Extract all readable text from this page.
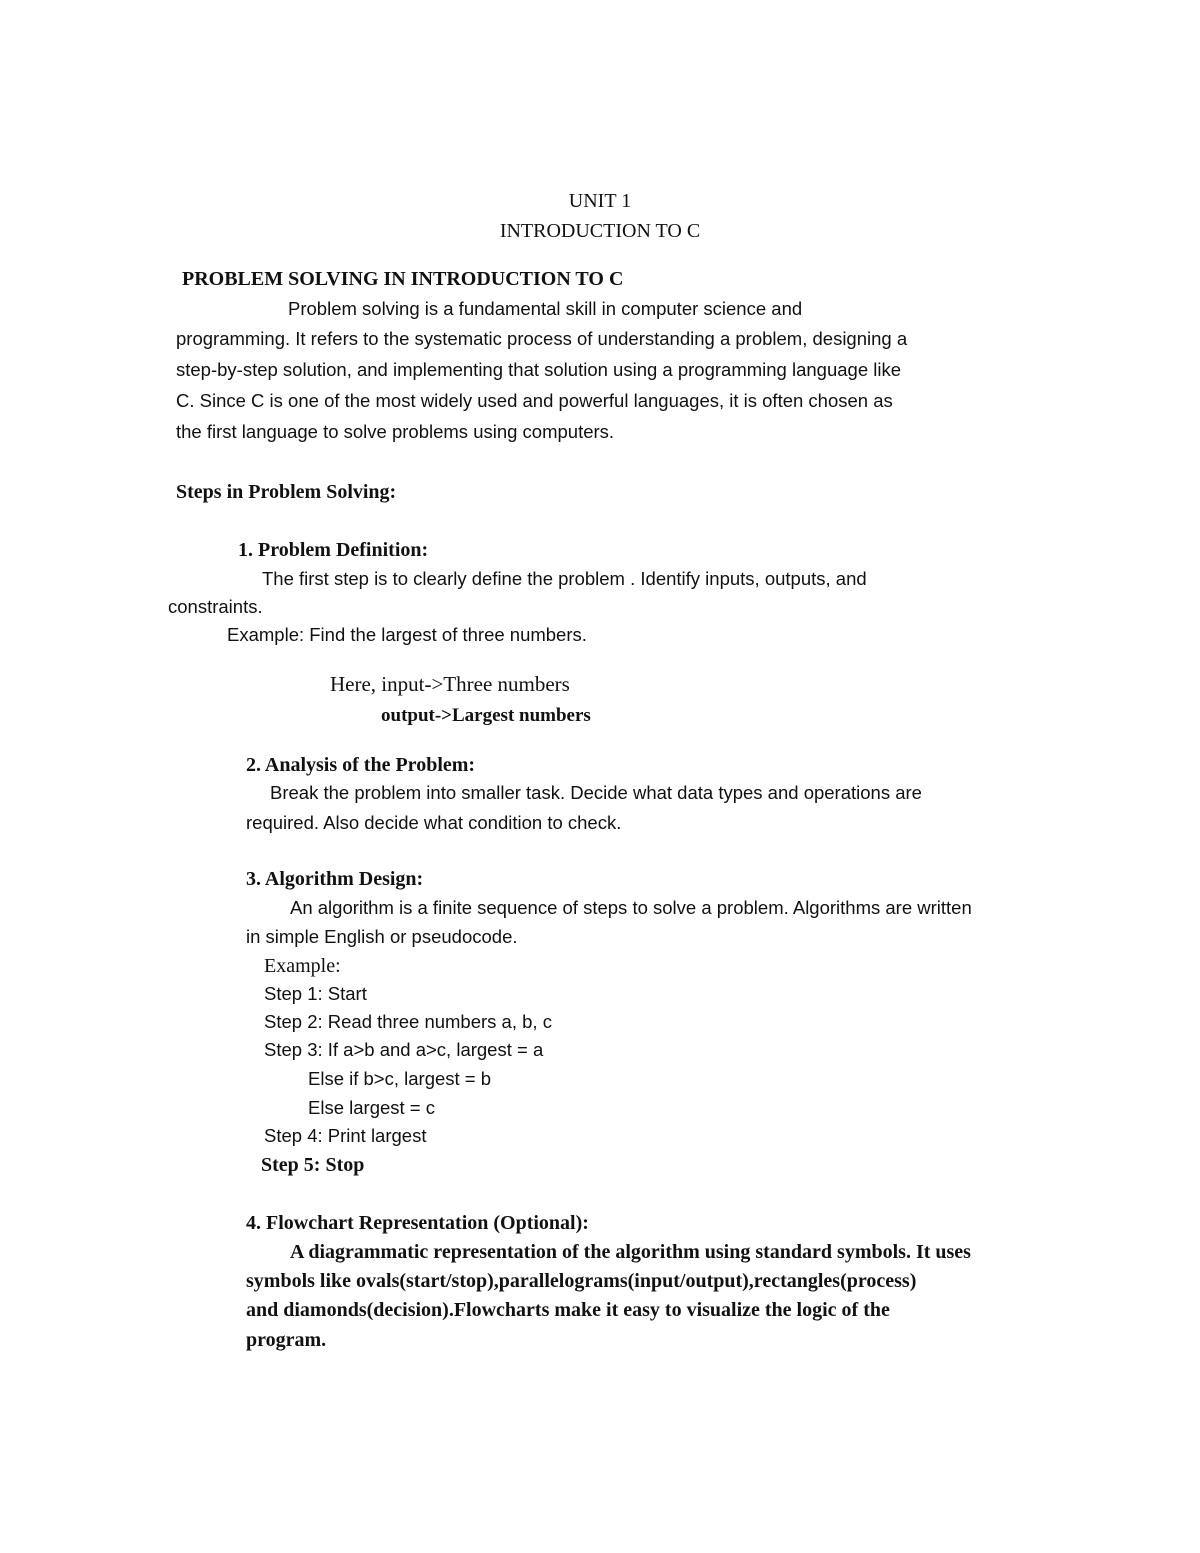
UNIT 1
INTRODUCTION TO C
PROBLEM SOLVING IN INTRODUCTION TO C
Problem solving is a fundamental skill in computer science and
programming. It refers to the systematic process of understanding a problem, designing a
step-by-step solution, and implementing that solution using a programming language like
C. Since C is one of the most widely used and powerful languages, it is often chosen as
the first language to solve problems using computers.
Steps in Problem Solving:
1. Problem Definition:
The first step is to clearly define the problem . Identify inputs, outputs, and
constraints.
Example: Find the largest of three numbers.
Here, input->Three numbers
output->Largest numbers
2. Analysis of the Problem:
Break the problem into smaller task. Decide what data types and operations are
required. Also decide what condition to check.
3. Algorithm Design:
An algorithm is a finite sequence of steps to solve a problem. Algorithms are written
in simple English or pseudocode.
Example:
Step 1: Start
Step 2: Read three numbers a, b, c
Step 3: If a>b and a>c, largest = a
Else if b>c, largest = b
Else largest = c
Step 4: Print largest
Step 5: Stop
4. Flowchart Representation (Optional):
A diagrammatic representation of the algorithm using standard symbols. It uses
symbols like ovals(start/stop),parallelograms(input/output),rectangles(process)
and diamonds(decision).Flowcharts make it easy to visualize the logic of the
program.
